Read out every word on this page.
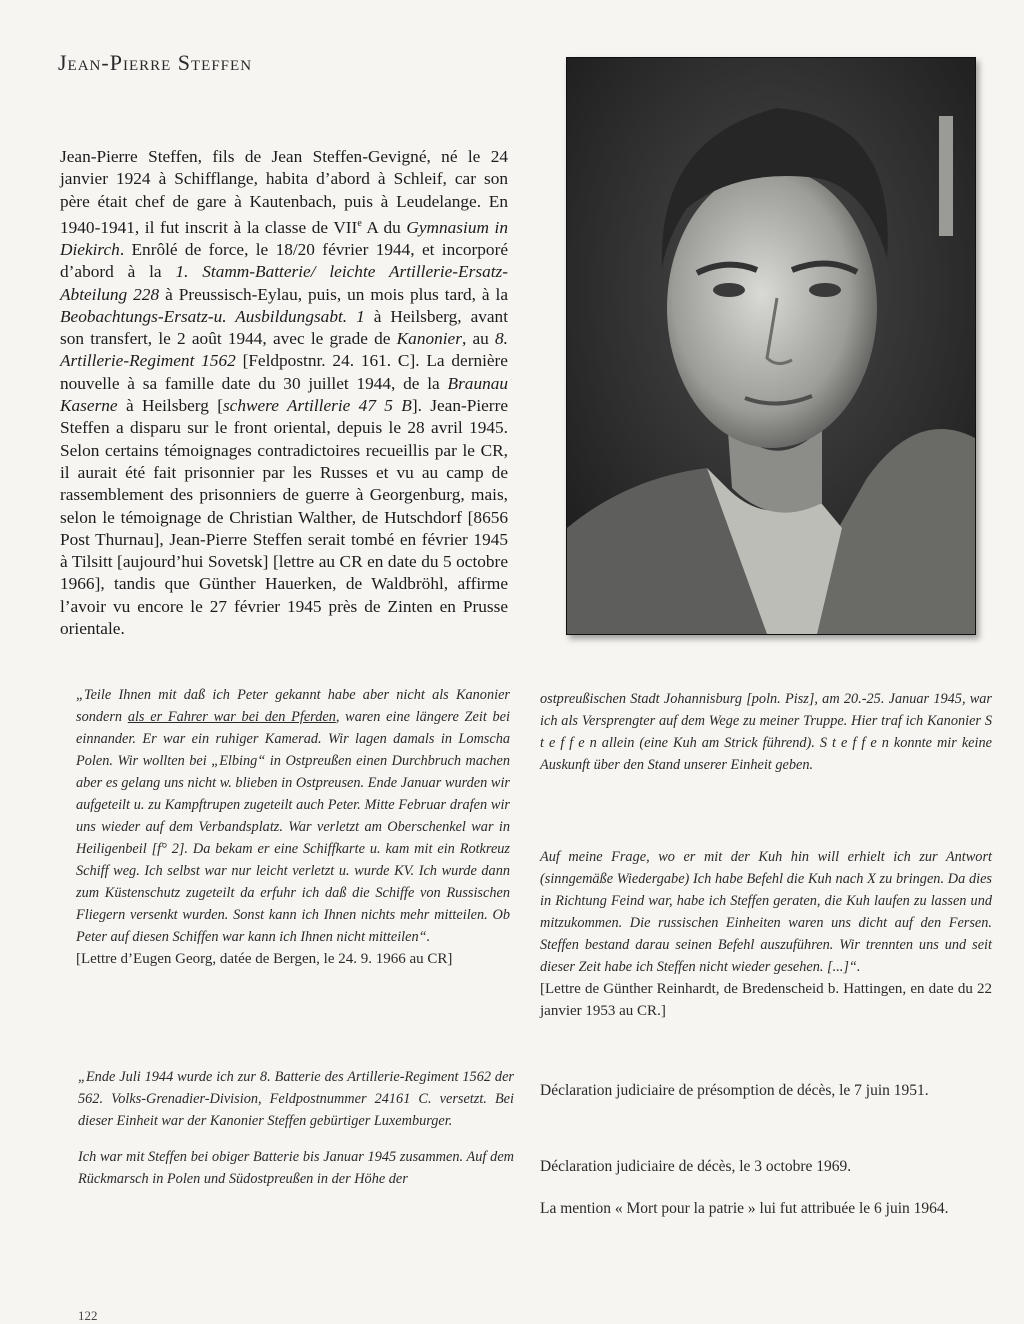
Jean-Pierre Steffen

Jean-Pierre Steffen, fils de Jean Steffen-Gevigné, né le 24 janvier 1924 à Schifflange, habita d’abord à Schleif, car son père était chef de gare à Kautenbach, puis à Leudelange. En 1940-1941, il fut inscrit à la classe de VIIe A du Gymnasium in Diekirch. Enrôlé de force, le 18/20 février 1944, et incorporé d’abord à la 1. Stamm-Batterie/ leichte Artillerie-Ersatz-Abteilung 228 à Preussisch-Eylau, puis, un mois plus tard, à la Beobachtungs-Ersatz-u. Ausbildungsabt. 1 à Heilsberg, avant son transfert, le 2 août 1944, avec le grade de Kanonier, au 8. Artillerie-Regiment 1562 [Feldpostnr. 24. 161. C]. La dernière nouvelle à sa famille date du 30 juillet 1944, de la Braunau Kaserne à Heilsberg [schwere Artillerie 47 5 B]. Jean-Pierre Steffen a disparu sur le front oriental, depuis le 28 avril 1945. Selon certains témoignages contradictoires recueillis par le CR, il aurait été fait prisonnier par les Russes et vu au camp de rassemblement des prisonniers de guerre à Georgenburg, mais, selon le témoignage de Christian Walther, de Hutschdorf [8656 Post Thurnau], Jean-Pierre Steffen serait tombé en février 1945 à Tilsitt [aujourd’hui Sovetsk] [lettre au CR en date du 5 octobre 1966], tandis que Günther Hauerken, de Waldbröhl, affirme l’avoir vu encore le 27 février 1945 près de Zinten en Prusse orientale.

„Teile Ihnen mit daß ich Peter gekannt habe aber nicht als Kanonier sondern als er Fahrer war bei den Pferden, waren eine längere Zeit bei einnander. Er war ein ruhiger Kamerad. Wir lagen damals in Lomscha Polen. Wir wollten bei „Elbing“ in Ostpreußen einen Durchbruch machen aber es gelang uns nicht w. blieben in Ostpreusen. Ende Januar wurden wir aufgeteilt u. zu Kampftrupen zugeteilt auch Peter. Mitte Februar drafen wir uns wieder auf dem Verbandsplatz. War verletzt am Oberschenkel war in Heiligenbeil [f° 2]. Da bekam er eine Schiffkarte u. kam mit ein Rotkreuz Schiff weg. Ich selbst war nur leicht verletzt u. wurde KV. Ich wurde dann zum Küstenschutz zugeteilt da erfuhr ich daß die Schiffe von Russischen Fliegern versenkt wurden. Sonst kann ich Ihnen nichts mehr mitteilen. Ob Peter auf diesen Schiffen war kann ich Ihnen nicht mitteilen“.

[Lettre d’Eugen Georg, datée de Bergen, le 24. 9. 1966 au CR]

„Ende Juli 1944 wurde ich zur 8. Batterie des Artillerie-Regiment 1562 der 562. Volks-Grenadier-Division, Feldpostnummer 24161 C. versetzt. Bei dieser Einheit war der Kanonier Steffen gebürtiger Luxemburger.

Ich war mit Steffen bei obiger Batterie bis Januar 1945 zusammen. Auf dem Rückmarsch in Polen und Südostpreußen in der Höhe der

ostpreußischen Stadt Johannisburg [poln. Pisz], am 20.-25. Januar 1945, war ich als Versprengter auf dem Wege zu meiner Truppe. Hier traf ich Kanonier S t e f f e n allein (eine Kuh am Strick führend). S t e f f e n konnte mir keine Auskunft über den Stand unserer Einheit geben.

Auf meine Frage, wo er mit der Kuh hin will erhielt ich zur Antwort (sinngemäße Wiedergabe) Ich habe Befehl die Kuh nach X zu bringen. Da dies in Richtung Feind war, habe ich Steffen geraten, die Kuh laufen zu lassen und mitzukommen. Die russischen Einheiten waren uns dicht auf den Fersen. Steffen bestand darau seinen Befehl auszuführen. Wir trennten uns und seit dieser Zeit habe ich Steffen nicht wieder gesehen. [...]“.

[Lettre de Günther Reinhardt, de Bredenscheid b. Hattingen, en date du 22 janvier 1953 au CR.]

Déclaration judiciaire de présomption de décès, le 7 juin 1951.

Déclaration judiciaire de décès, le 3 octobre 1969.

La mention « Mort pour la patrie » lui fut attribuée le 6 juin 1964.

122
